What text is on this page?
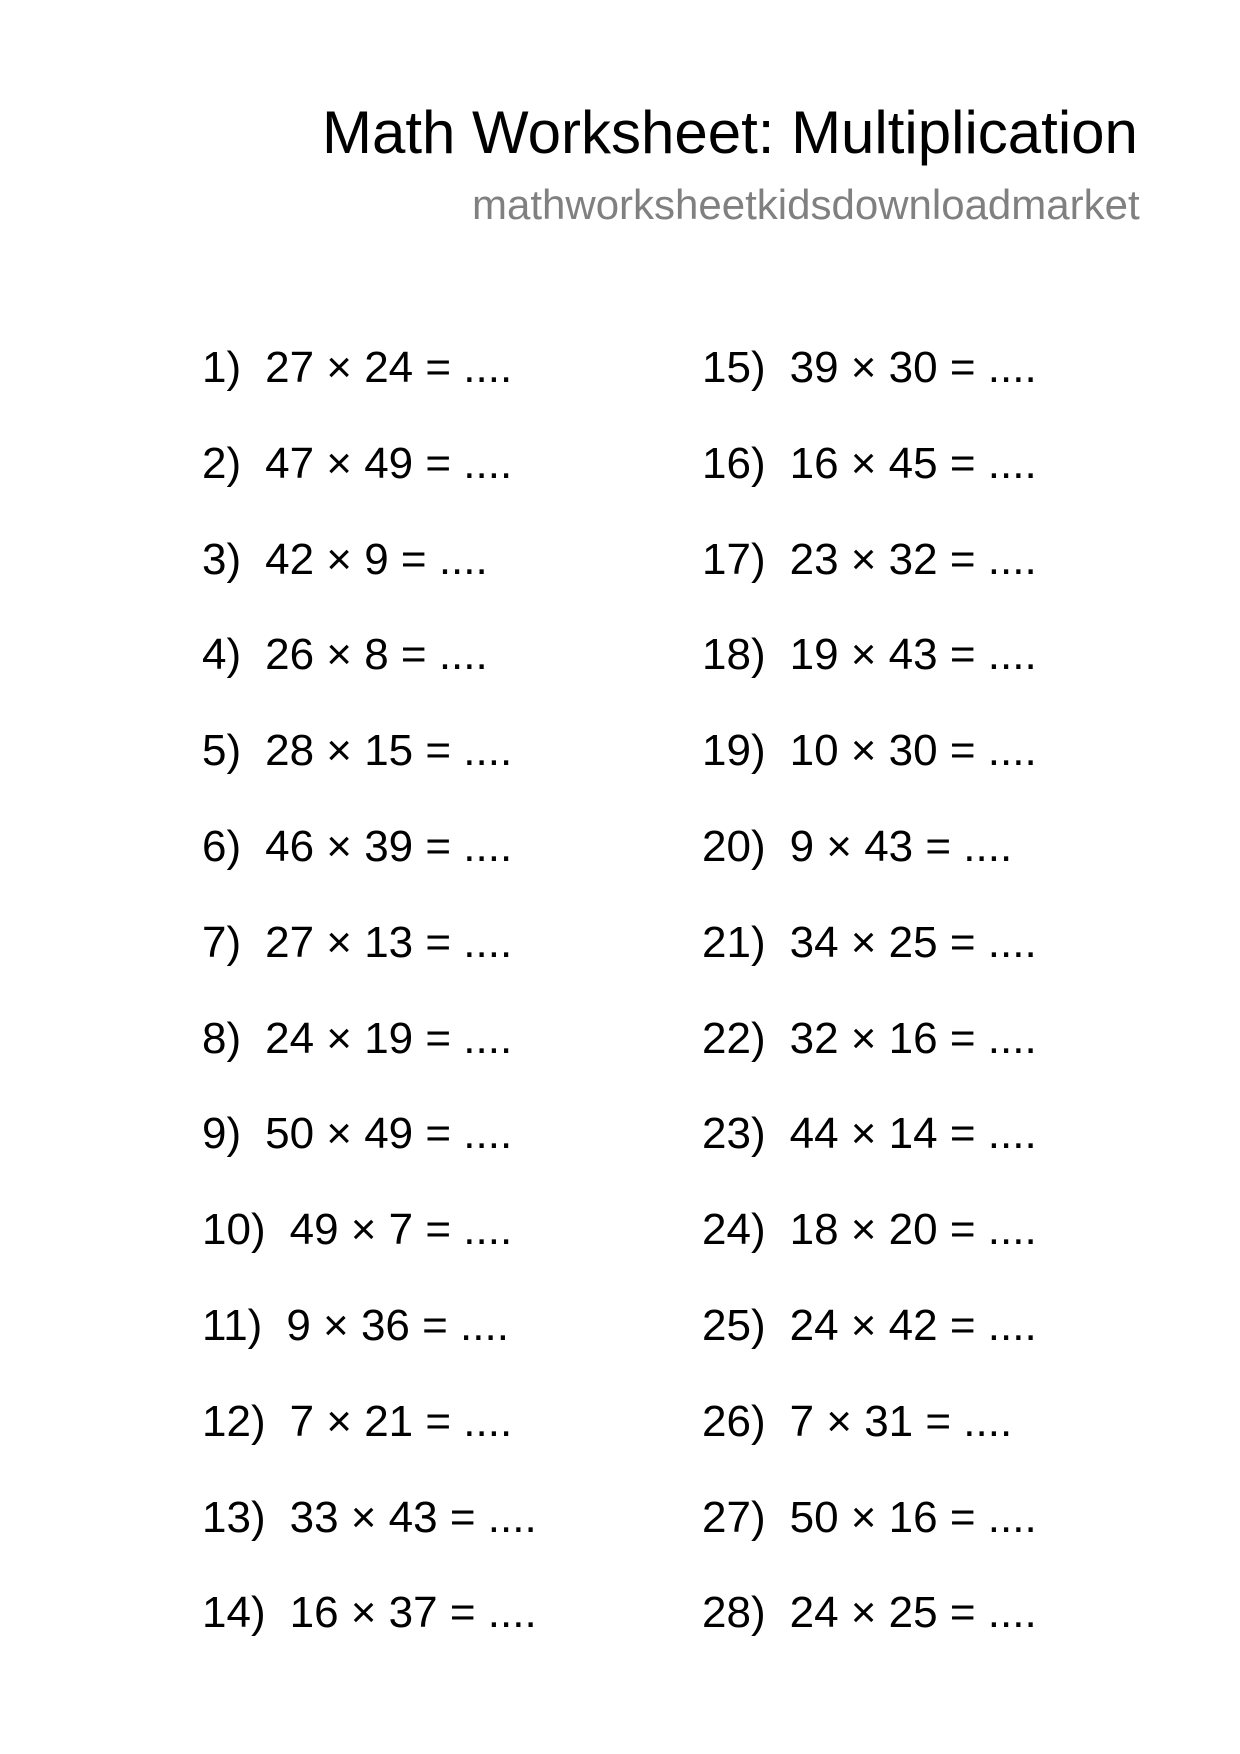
Math Worksheet: Multiplication
mathworksheetkidsdownloadmarket
1) 27 × 24 = ....
2) 47 × 49 = ....
3) 42 × 9 = ....
4) 26 × 8 = ....
5) 28 × 15 = ....
6) 46 × 39 = ....
7) 27 × 13 = ....
8) 24 × 19 = ....
9) 50 × 49 = ....
10) 49 × 7 = ....
11) 9 × 36 = ....
12) 7 × 21 = ....
13) 33 × 43 = ....
14) 16 × 37 = ....
15) 39 × 30 = ....
16) 16 × 45 = ....
17) 23 × 32 = ....
18) 19 × 43 = ....
19) 10 × 30 = ....
20) 9 × 43 = ....
21) 34 × 25 = ....
22) 32 × 16 = ....
23) 44 × 14 = ....
24) 18 × 20 = ....
25) 24 × 42 = ....
26) 7 × 31 = ....
27) 50 × 16 = ....
28) 24 × 25 = ....
